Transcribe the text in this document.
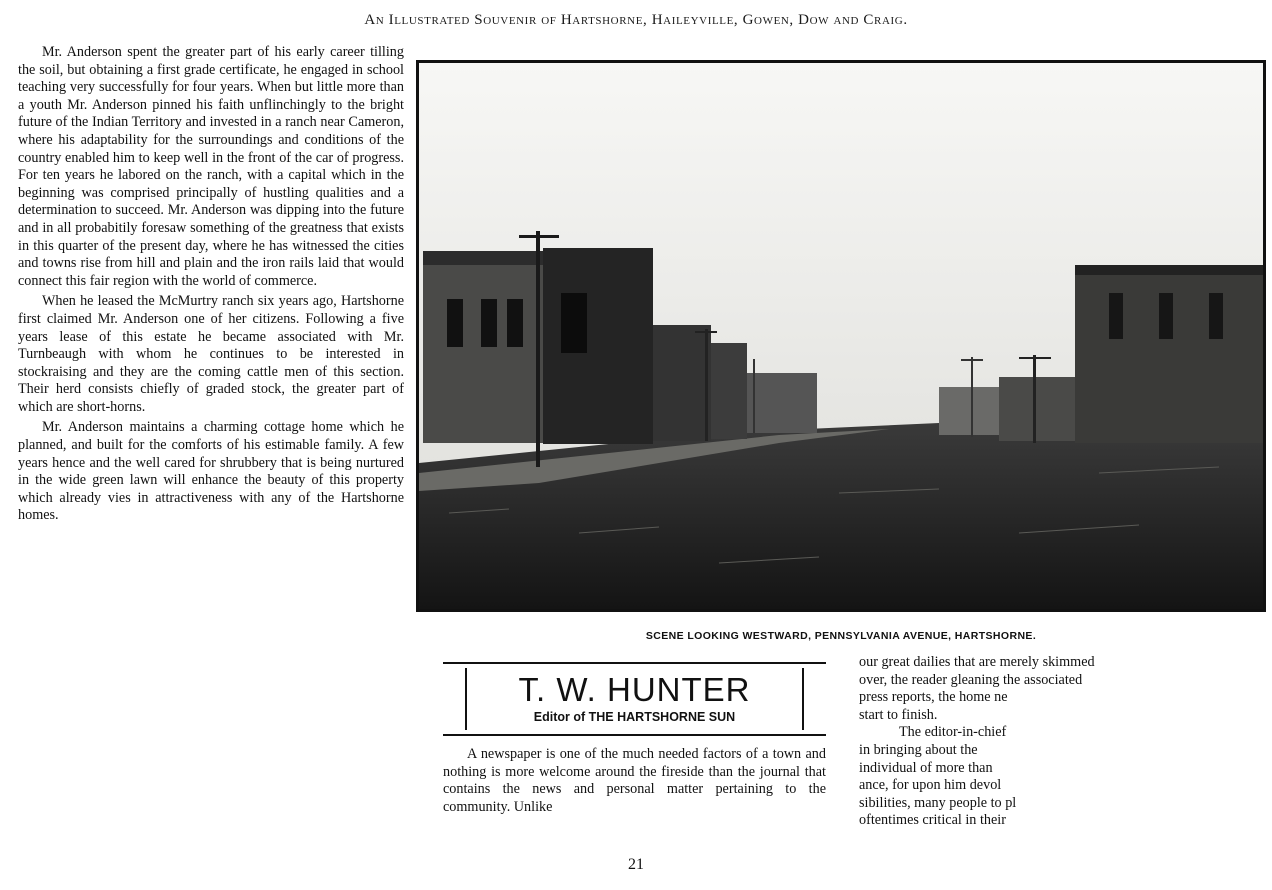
An Illustrated Souvenir of Hartshorne, Haileyville, Gowen, Dow and Craig.

Mr. Anderson spent the greater part of his early career tilling the soil, but obtaining a first grade certificate, he engaged in school teaching very successfully for four years. When but little more than a youth Mr. Anderson pinned his faith unflinchingly to the bright future of the Indian Territory and invested in a ranch near Cameron, where his adaptability for the surroundings and conditions of the country enabled him to keep well in the front of the car of progress. For ten years he labored on the ranch, with a capital which in the beginning was comprised principally of hustling qualities and a determination to succeed. Mr. Anderson was dipping into the future and in all probabitily foresaw something of the greatness that exists in this quarter of the present day, where he has witnessed the cities and towns rise from hill and plain and the iron rails laid that would connect this fair region with the world of commerce.

When he leased the McMurtry ranch six years ago, Hartshorne first claimed Mr. Anderson one of her citizens. Following a five years lease of this estate he became associated with Mr. Turnbeaugh with whom he continues to be interested in stockraising and they are the coming cattle men of this section. Their herd consists chiefly of graded stock, the greater part of which are short-horns.

Mr. Anderson maintains a charming cottage home which he planned, and built for the comforts of his estimable family. A few years hence and the well cared for shrubbery that is being nurtured in the wide green lawn will enhance the beauty of this property which already vies in attractiveness with any of the Hartshorne homes.

SCENE LOOKING WESTWARD, PENNSYLVANIA AVENUE, HARTSHORNE.
T. W. HUNTER
Editor of THE HARTSHORNE SUN

A newspaper is one of the much needed factors of a town and nothing is more welcome around the fireside than the journal that contains the news and personal matter pertaining to the community. Unlike

our great dailies that are merely skimmed
over, the reader gleaning the associated
press reports, the home ne
start to finish.
The editor-in-chief
in bringing about the
individual of more than
ance, for upon him devol
sibilities, many people to pl
oftentimes critical in their
21
